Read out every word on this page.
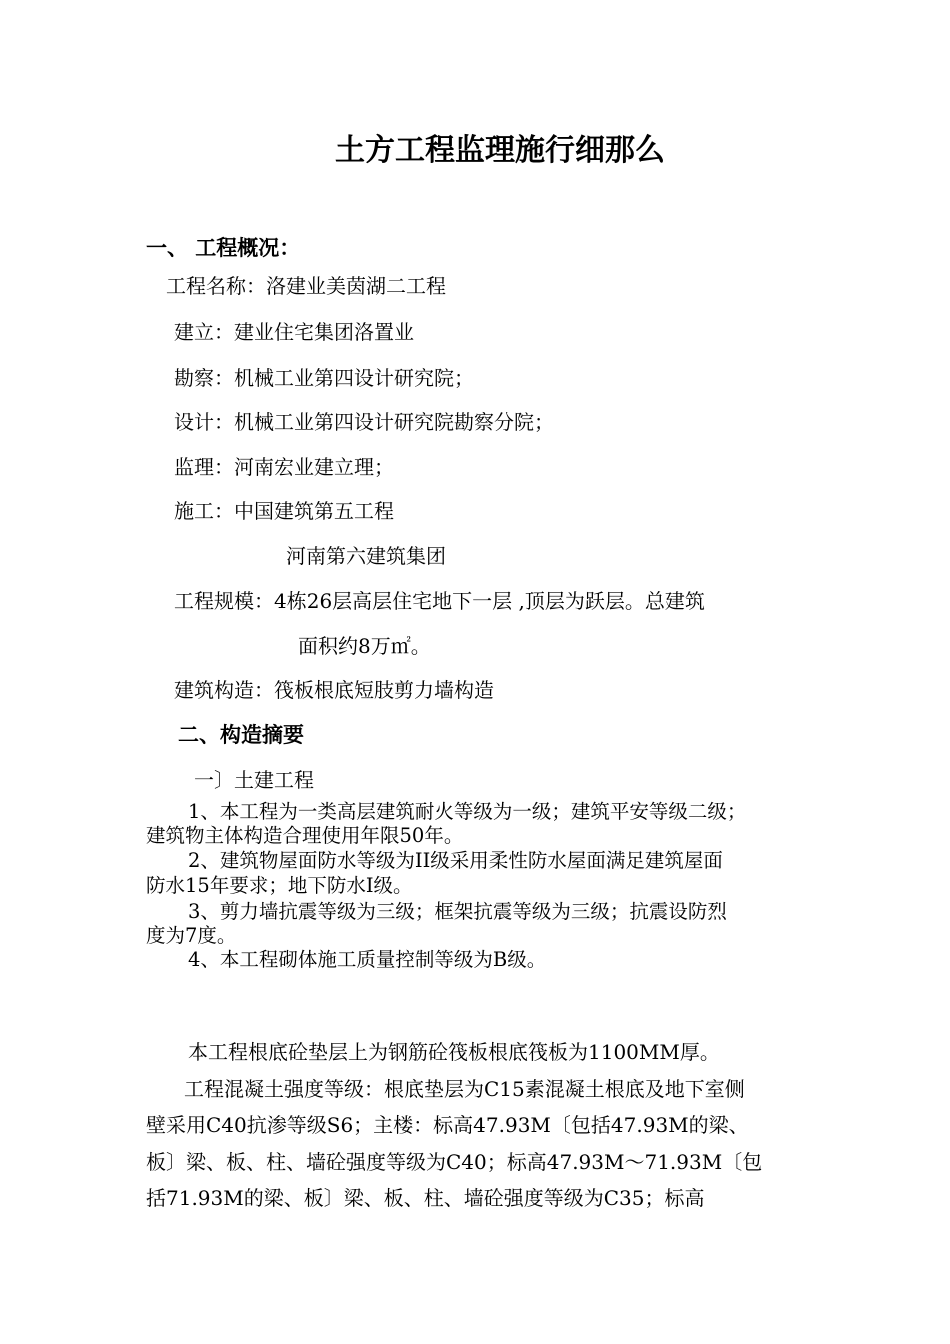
土方工程监理施行细那么

一、 工程概况：

工程名称：洛建业美茵湖二工程

建立：建业住宅集团洛置业

勘察：机械工业第四设计研究院；

设计：机械工业第四设计研究院勘察分院；

监理：河南宏业建立理；

施工：中国建筑第五工程

河南第六建筑集团

工程规模：4栋26层高层住宅地下一层 ,顶层为跃层。总建筑

面积约8万㎡。

建筑构造：筏板根底短肢剪力墙构造

二、构造摘要

一〕土建工程

1、本工程为一类高层建筑耐火等级为一级；建筑平安等级二级；

建筑物主体构造合理使用年限50年。

2、建筑物屋面防水等级为II级采用柔性防水屋面满足建筑屋面

防水15年要求；地下防水I级。

3、剪力墙抗震等级为三级；框架抗震等级为三级；抗震设防烈

度为7度。

4、本工程砌体施工质量控制等级为B级。

本工程根底砼垫层上为钢筋砼筏板根底筏板为1100MM厚。

工程混凝土强度等级：根底垫层为C15素混凝土根底及地下室侧

壁采用C40抗渗等级S6；主楼：标高47.93M〔包括47.93M的梁、

板〕梁、板、柱、墙砼强度等级为C40；标高47.93M～71.93M〔包

括71.93M的梁、板〕梁、板、柱、墙砼强度等级为C35；标高
